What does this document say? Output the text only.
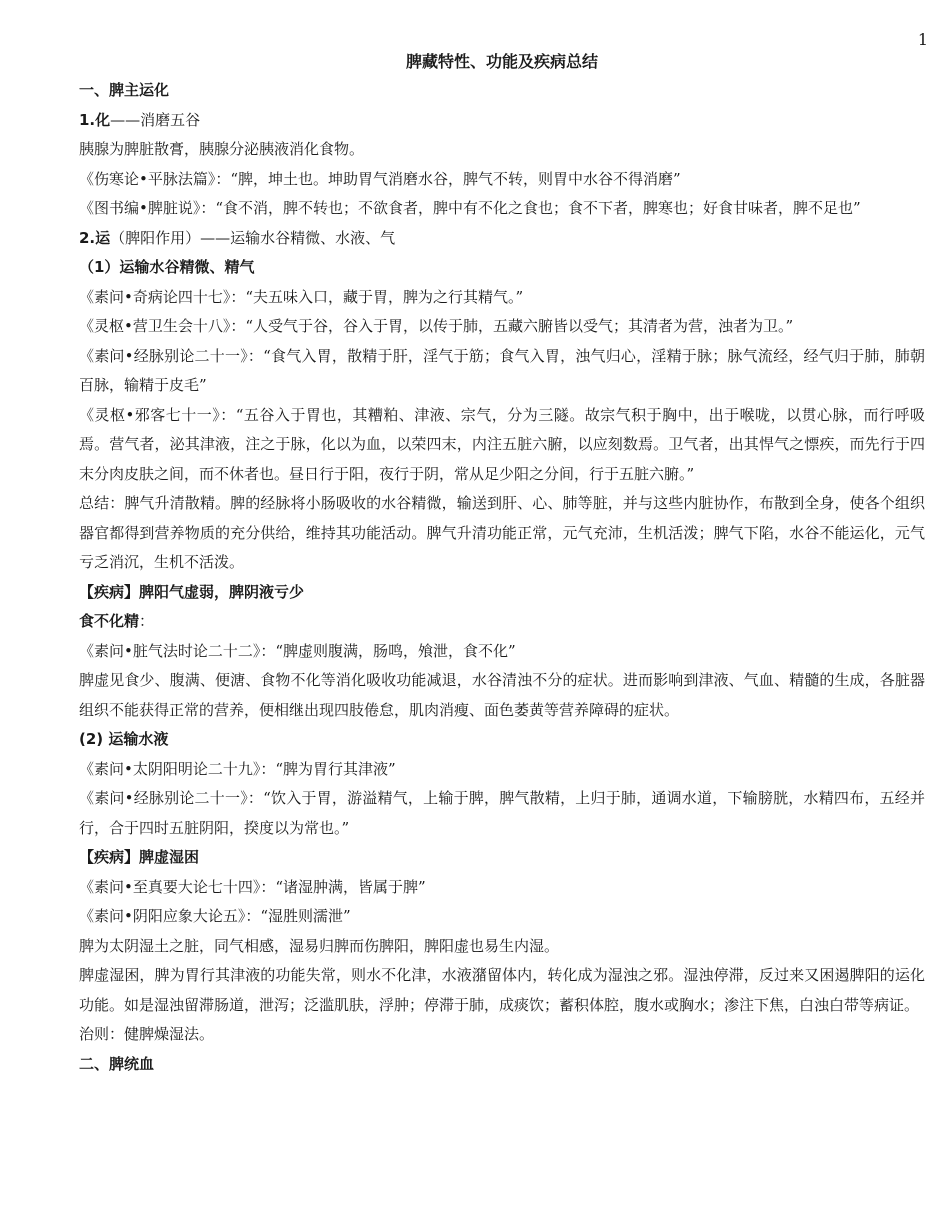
1

脾藏特性、功能及疾病总结

一、脾主运化

1.化——消磨五谷

胰腺为脾脏散膏，胰腺分泌胰液消化食物。

《伤寒论•平脉法篇》：“脾，坤土也。坤助胃气消磨水谷，脾气不转，则胃中水谷不得消磨”

《图书编•脾脏说》：“食不消，脾不转也；不欲食者，脾中有不化之食也；食不下者，脾寒也；好食甘味者，脾不足也”

2.运（脾阳作用）——运输水谷精微、水液、气

（1）运输水谷精微、精气

《素问•奇病论四十七》：“夫五味入口，藏于胃，脾为之行其精气。”

《灵枢•营卫生会十八》：“人受气于谷，谷入于胃，以传于肺，五藏六腑皆以受气；其清者为营，浊者为卫。”

《素问•经脉别论二十一》：“食气入胃，散精于肝，淫气于筋；食气入胃，浊气归心，淫精于脉；脉气流经，经气归于肺，肺朝百脉，输精于皮毛”

《灵枢•邪客七十一》：“五谷入于胃也，其糟粕、津液、宗气，分为三隧。故宗气积于胸中，出于喉咙，以贯心脉，而行呼吸焉。营气者，泌其津液，注之于脉，化以为血，以荣四末，内注五脏六腑，以应刻数焉。卫气者，出其悍气之慓疾，而先行于四末分肉皮肤之间，而不休者也。昼日行于阳，夜行于阴，常从足少阳之分间，行于五脏六腑。”

总结：脾气升清散精。脾的经脉将小肠吸收的水谷精微，输送到肝、心、肺等脏，并与这些内脏协作，布散到全身，使各个组织器官都得到营养物质的充分供给，维持其功能活动。脾气升清功能正常，元气充沛，生机活泼；脾气下陷，水谷不能运化，元气亏乏消沉，生机不活泼。

【疾病】脾阳气虚弱，脾阴液亏少

食不化精：

《素问•脏气法时论二十二》：“脾虚则腹满，肠鸣，飧泄，食不化”

脾虚见食少、腹满、便溏、食物不化等消化吸收功能减退，水谷清浊不分的症状。进而影响到津液、气血、精髓的生成，各脏器组织不能获得正常的营养，便相继出现四肢倦怠，肌肉消瘦、面色萎黄等营养障碍的症状。

(2) 运输水液

《素问•太阴阳明论二十九》：“脾为胃行其津液”

《素问•经脉别论二十一》：“饮入于胃，游溢精气，上输于脾，脾气散精，上归于肺，通调水道，下输膀胱，水精四布，五经并行，合于四时五脏阴阳，揆度以为常也。”

【疾病】脾虚湿困

《素问•至真要大论七十四》：“诸湿肿满，皆属于脾”

《素问•阴阳应象大论五》：“湿胜则濡泄”

脾为太阴湿土之脏，同气相感，湿易归脾而伤脾阳，脾阳虚也易生内湿。

脾虚湿困，脾为胃行其津液的功能失常，则水不化津，水液潴留体内，转化成为湿浊之邪。湿浊停滞，反过来又困遏脾阳的运化功能。如是湿浊留滞肠道，泄泻；泛滥肌肤，浮肿；停滞于肺，成痰饮；蓄积体腔，腹水或胸水；渗注下焦，白浊白带等病证。

治则：健脾燥湿法。

二、脾统血
